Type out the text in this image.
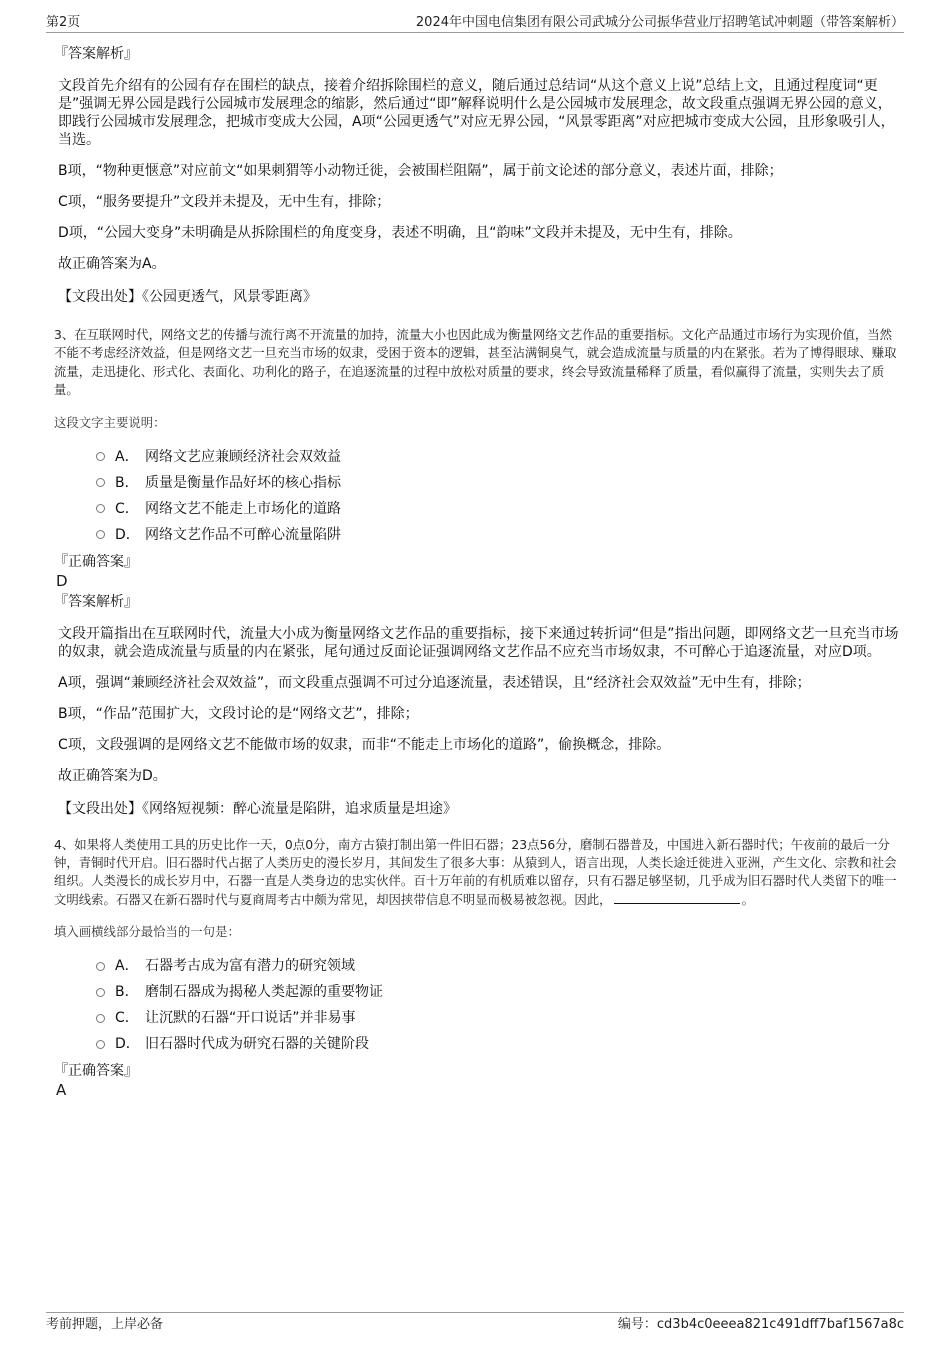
第2页	2024年中国电信集团有限公司武城分公司振华营业厅招聘笔试冲刺题（带答案解析）

『答案解析』

文段首先介绍有的公园有存在围栏的缺点，接着介绍拆除围栏的意义，随后通过总结词“从这个意义上说”总结上文，且通过程度词“更是”强调无界公园是践行公园城市发展理念的缩影，然后通过“即”解释说明什么是公园城市发展理念，故文段重点强调无界公园的意义，即践行公园城市发展理念，把城市变成大公园，A项“公园更透气”对应无界公园，“风景零距离”对应把城市变成大公园，且形象吸引人，当选。

B项，“物种更惬意”对应前文“如果刺猬等小动物迁徙，会被围栏阻隔”，属于前文论述的部分意义，表述片面，排除；

C项，“服务要提升”文段并未提及，无中生有，排除；

D项，“公园大变身”未明确是从拆除围栏的角度变身，表述不明确，且“韵味”文段并未提及，无中生有，排除。

故正确答案为A。

【文段出处】《公园更透气，风景零距离》

3、在互联网时代，网络文艺的传播与流行离不开流量的加持，流量大小也因此成为衡量网络文艺作品的重要指标。文化产品通过市场行为实现价值，当然不能不考虑经济效益，但是网络文艺一旦充当市场的奴隶，受困于资本的逻辑，甚至沾满铜臭气，就会造成流量与质量的内在紧张。若为了博得眼球、赚取流量，走迅捷化、形式化、表面化、功利化的路子，在追逐流量的过程中放松对质量的要求，终会导致流量稀释了质量，看似赢得了流量，实则失去了质量。

这段文字主要说明：

A． 网络文艺应兼顾经济社会双效益
B． 质量是衡量作品好坏的核心指标
C． 网络文艺不能走上市场化的道路
D． 网络文艺作品不可醉心流量陷阱

『正确答案』

D

『答案解析』

文段开篇指出在互联网时代，流量大小成为衡量网络文艺作品的重要指标，接下来通过转折词“但是”指出问题，即网络文艺一旦充当市场的奴隶，就会造成流量与质量的内在紧张，尾句通过反面论证强调网络文艺作品不应充当市场奴隶，不可醉心于追逐流量，对应D项。

A项，强调“兼顾经济社会双效益”，而文段重点强调不可过分追逐流量，表述错误，且“经济社会双效益”无中生有，排除；

B项，“作品”范围扩大，文段讨论的是“网络文艺”，排除；

C项，文段强调的是网络文艺不能做市场的奴隶，而非“不能走上市场化的道路”，偷换概念，排除。

故正确答案为D。

【文段出处】《网络短视频：醉心流量是陷阱，追求质量是坦途》

4、如果将人类使用工具的历史比作一天，0点0分，南方古猿打制出第一件旧石器；23点56分，磨制石器普及，中国进入新石器时代；午夜前的最后一分钟，青铜时代开启。旧石器时代占据了人类历史的漫长岁月，其间发生了很多大事：从猿到人，语言出现，人类长途迁徙进入亚洲，产生文化、宗教和社会组织。人类漫长的成长岁月中，石器一直是人类身边的忠实伙伴。百十万年前的有机质难以留存，只有石器足够坚韧，几乎成为旧石器时代人类留下的唯一文明线索。石器又在新石器时代与夏商周考古中颇为常见，却因挟带信息不明显而极易被忽视。因此，	。

填入画横线部分最恰当的一句是：

A． 石器考古成为富有潜力的研究领域
B． 磨制石器成为揭秘人类起源的重要物证
C． 让沉默的石器“开口说话”并非易事
D． 旧石器时代成为研究石器的关键阶段

『正确答案』

A

考前押题，上岸必备	编号：cd3b4c0eeea821c491dff7baf1567a8c
